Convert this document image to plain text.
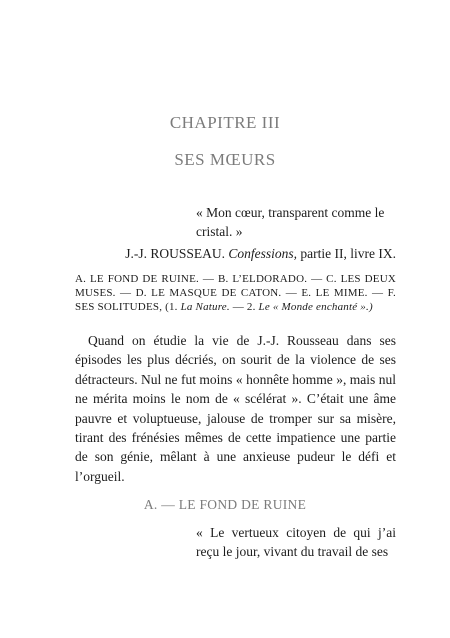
CHAPITRE III
SES MŒURS
« Mon cœur, transparent comme le cristal. »
J.-J. ROUSSEAU. Confessions, partie II, livre IX.
A. LE FOND DE RUINE. — B. L’ELDORADO. — C. LES DEUX MUSES. — D. LE MASQUE DE CATON. — E. LE MIME. — F. SES SOLITUDES, (1. La Nature. — 2. Le « Monde enchanté ».)

Quand on étudie la vie de J.-J. Rousseau dans ses épisodes les plus décriés, on sourit de la violence de ses détracteurs. Nul ne fut moins « honnête homme », mais nul ne mérita moins le nom de « scélérat ». C’était une âme pauvre et voluptueuse, jalouse de tromper sur sa misère, tirant des frénésies mêmes de cette impatience une partie de son génie, mêlant à une anxieuse pudeur le défi et l’orgueil.

A. — LE FOND DE RUINE
« Le vertueux citoyen de qui j’ai reçu le jour, vivant du travail de ses
